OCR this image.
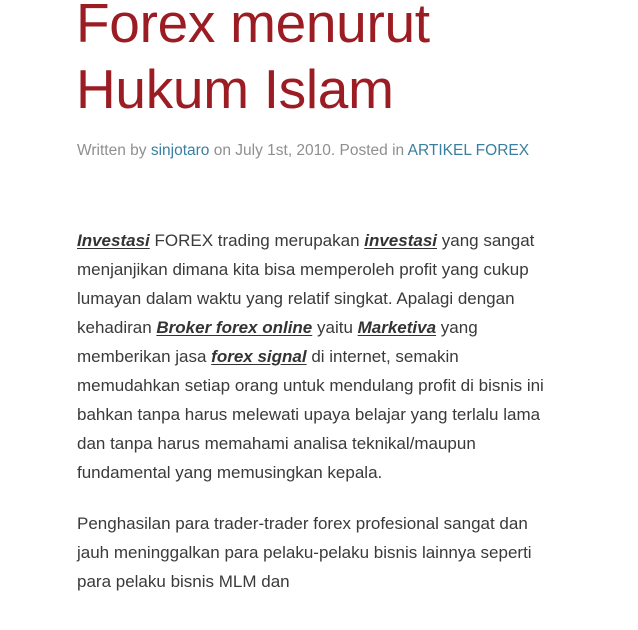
Forex menurut
Hukum Islam

Written by sinjotaro on July 1st, 2010. Posted in ARTIKEL FOREX

Investasi FOREX trading merupakan investasi yang sangat menjanjikan dimana kita bisa memperoleh profit yang cukup lumayan dalam waktu yang relatif singkat. Apalagi dengan kehadiran Broker forex online yaitu Marketiva yang memberikan jasa forex signal di internet, semakin memudahkan setiap orang untuk mendulang profit di bisnis ini bahkan tanpa harus melewati upaya belajar yang terlalu lama dan tanpa harus memahami analisa teknikal/maupun fundamental yang memusingkan kepala.

Penghasilan para trader-trader forex profesional sangat dan jauh meninggalkan para pelaku-pelaku bisnis lainnya seperti para pelaku bisnis MLM dan
